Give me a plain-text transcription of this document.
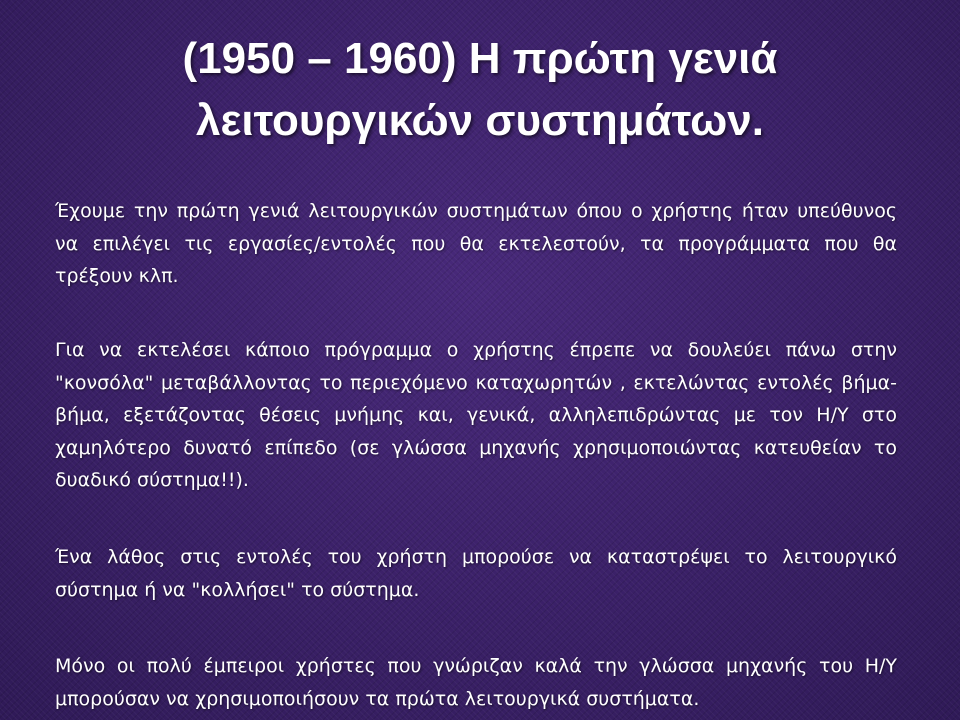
(1950 – 1960) Η πρώτη γενιά
λειτουργικών συστημάτων.

Έχουμε την πρώτη γενιά λειτουργικών συστημάτων όπου ο χρήστης ήταν υπεύθυνος να επιλέγει τις εργασίες/εντολές που θα εκτελεστούν, τα προγράμματα που θα τρέξουν κλπ.

Για να εκτελέσει κάποιο πρόγραμμα ο χρήστης έπρεπε να δουλεύει πάνω στην "κονσόλα" μεταβάλλοντας το περιεχόμενο καταχωρητών , εκτελώντας εντολές βήμα-βήμα, εξετάζοντας θέσεις μνήμης και, γενικά, αλληλεπιδρώντας με τον Η/Υ στο χαμηλότερο δυνατό επίπεδο (σε γλώσσα μηχανής χρησιμοποιώντας κατευθείαν το δυαδικό σύστημα!!).

Ένα λάθος στις εντολές του χρήστη μπορούσε να καταστρέψει το λειτουργικό σύστημα ή να "κολλήσει" το σύστημα.

Μόνο οι πολύ έμπειροι χρήστες που γνώριζαν καλά την γλώσσα μηχανής του Η/Υ μπορούσαν να χρησιμοποιήσουν τα πρώτα λειτουργικά συστήματα.
